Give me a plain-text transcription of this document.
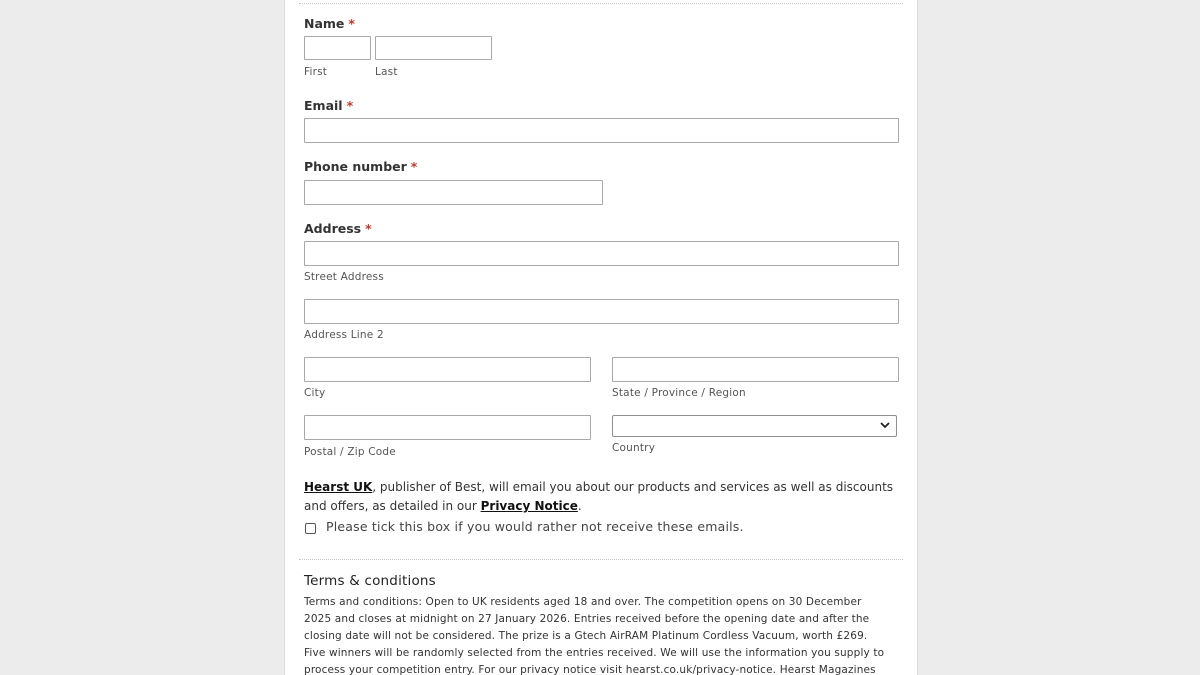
Name *
First	Last
Email *
Phone number *
Address *
Street Address
Address Line 2
City	State / Province / Region
Postal / Zip Code	Country
Hearst UK, publisher of Best, will email you about our products and services as well as discounts and offers, as detailed in our Privacy Notice.
Please tick this box if you would rather not receive these emails.
Terms & conditions
Terms and conditions: Open to UK residents aged 18 and over. The competition opens on 30 December 2025 and closes at midnight on 27 January 2026. Entries received before the opening date and after the closing date will not be considered. The prize is a Gtech AirRAM Platinum Cordless Vacuum, worth £269. Five winners will be randomly selected from the entries received. We will use the information you supply to process your competition entry. For our privacy notice visit hearst.co.uk/privacy-notice. Hearst Magazines
